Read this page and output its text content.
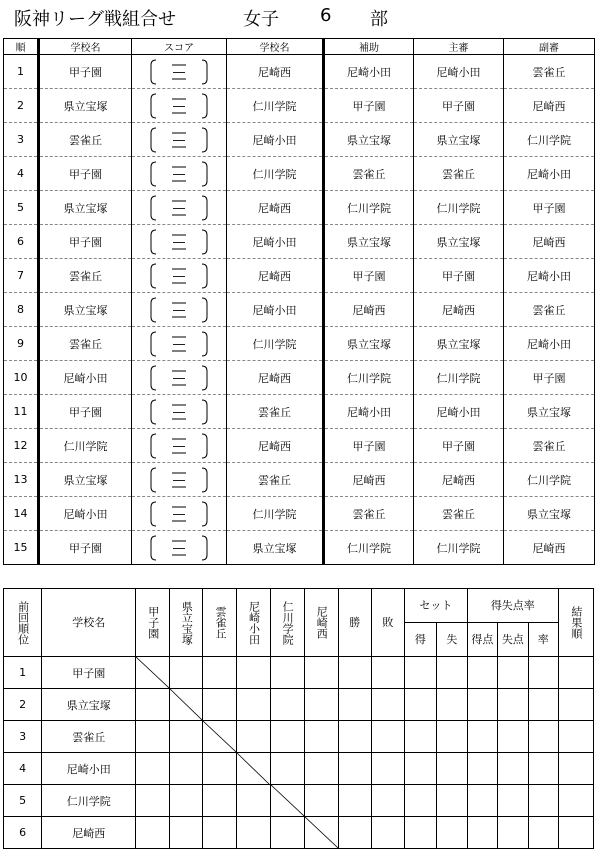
阪神リーグ戦組合せ	女子 6 部
順	学校名	スコア	学校名	補助	主審	副審
1	甲子園	―	尼崎西	尼崎小田	尼崎小田	雲雀丘
2	県立宝塚	―	仁川学院	甲子園	甲子園	尼崎西
3	雲雀丘	―	尼崎小田	県立宝塚	県立宝塚	仁川学院
4	甲子園	―	仁川学院	雲雀丘	雲雀丘	尼崎小田
5	県立宝塚	―	尼崎西	仁川学院	仁川学院	甲子園
6	甲子園	―	尼崎小田	県立宝塚	県立宝塚	尼崎西
7	雲雀丘	―	尼崎西	甲子園	甲子園	尼崎小田
8	県立宝塚	―	尼崎小田	尼崎西	尼崎西	雲雀丘
9	雲雀丘	―	仁川学院	県立宝塚	県立宝塚	尼崎小田
10	尼崎小田	―	尼崎西	仁川学院	仁川学院	甲子園
11	甲子園	―	雲雀丘	尼崎小田	尼崎小田	県立宝塚
12	仁川学院	―	尼崎西	甲子園	甲子園	雲雀丘
13	県立宝塚	―	雲雀丘	尼崎西	尼崎西	仁川学院
14	尼崎小田	―	仁川学院	雲雀丘	雲雀丘	県立宝塚
15	甲子園	―	県立宝塚	仁川学院	仁川学院	尼崎西
前回順位	学校名	甲子園	県立宝塚	雲雀丘	尼崎小田	仁川学院	尼崎西	勝	敗	セット		得失点率			結果順

										得	失	得点	失点	率	
1	甲子園	

2	県立宝塚		

3	雲雀丘			

4	尼崎小田				

5	仁川学院					

6	尼崎西						
